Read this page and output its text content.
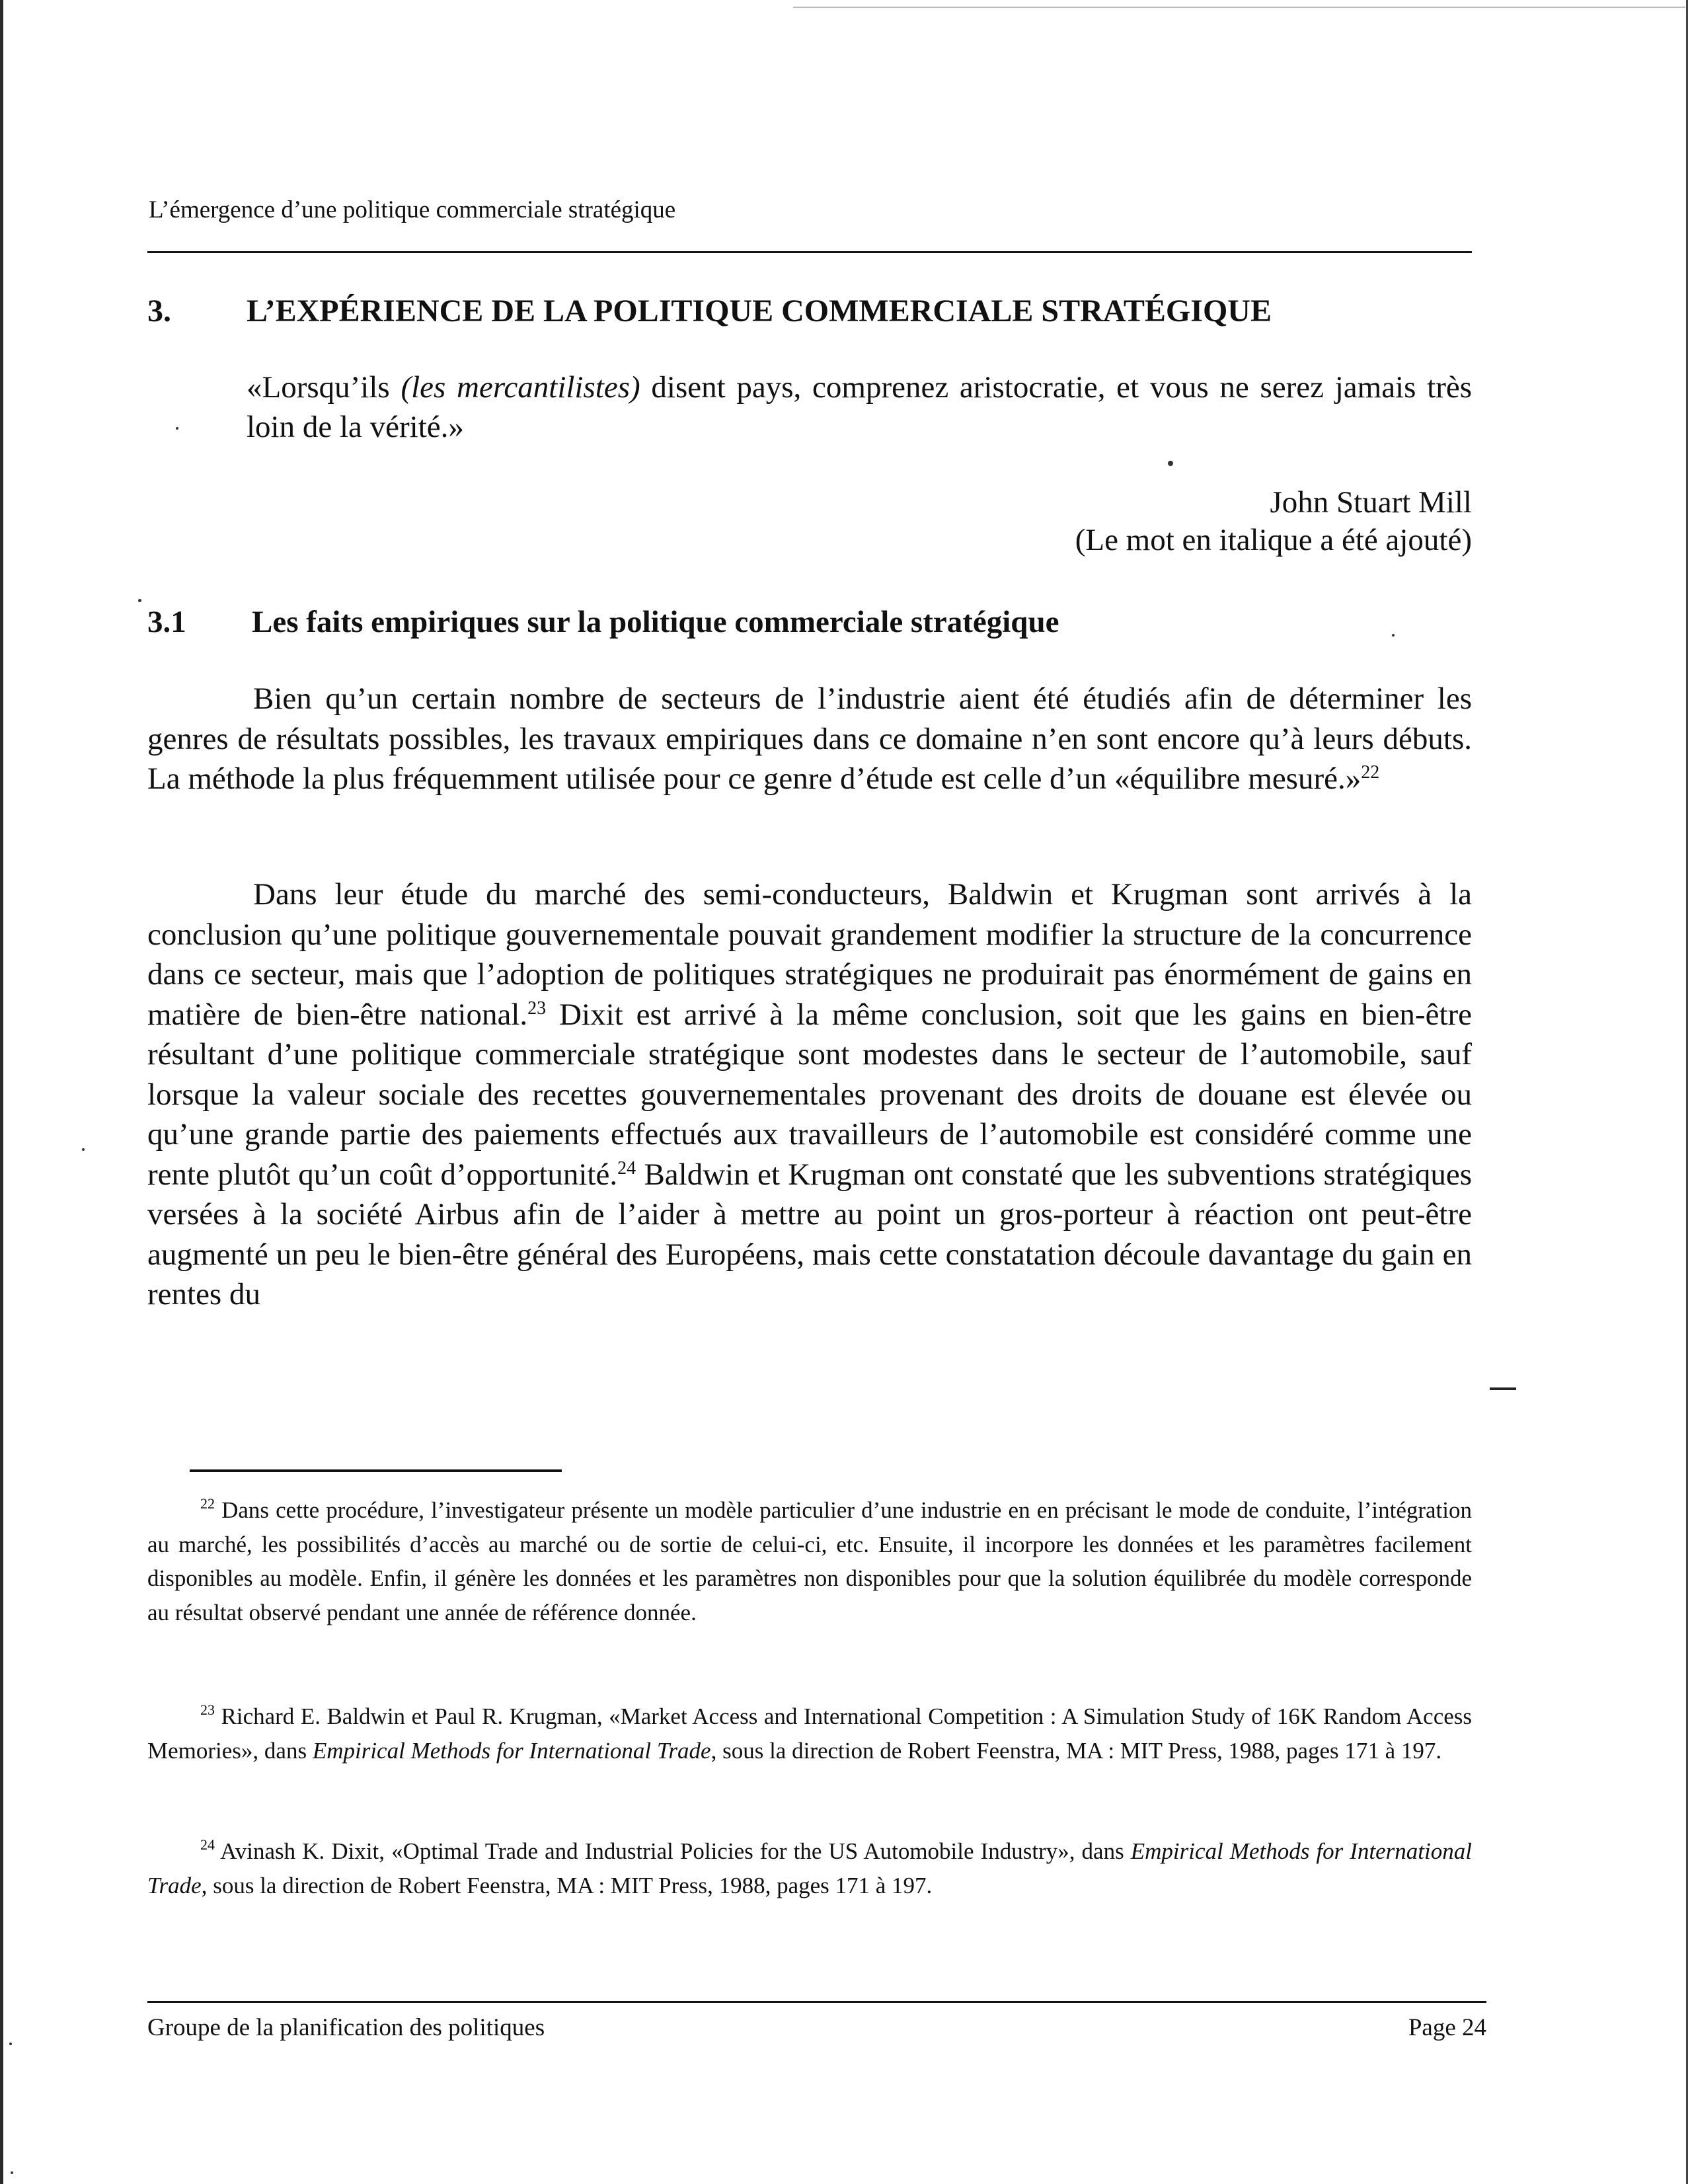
L’émergence d’une politique commerciale stratégique
3. L’EXPÉRIENCE DE LA POLITIQUE COMMERCIALE STRATÉGIQUE
«Lorsqu’ils (les mercantilistes) disent pays, comprenez aristocratie, et vous ne serez jamais très loin de la vérité.»
John Stuart Mill
(Le mot en italique a été ajouté)
3.1 Les faits empiriques sur la politique commerciale stratégique

Bien qu’un certain nombre de secteurs de l’industrie aient été étudiés afin de déterminer les genres de résultats possibles, les travaux empiriques dans ce domaine n’en sont encore qu’à leurs débuts. La méthode la plus fréquemment utilisée pour ce genre d’étude est celle d’un «équilibre mesuré.»$^{22}$

Dans leur étude du marché des semi-conducteurs, Baldwin et Krugman sont arrivés à la conclusion qu’une politique gouvernementale pouvait grandement modifier la structure de la concurrence dans ce secteur, mais que l’adoption de politiques stratégiques ne produirait pas énormément de gains en matière de bien-être national.$^{23}$ Dixit est arrivé à la même conclusion, soit que les gains en bien-être résultant d’une politique commerciale stratégique sont modestes dans le secteur de l’automobile, sauf lorsque la valeur sociale des recettes gouvernementales provenant des droits de douane est élevée ou qu’une grande partie des paiements effectués aux travailleurs de l’automobile est considéré comme une rente plutôt qu’un coût d’opportunité.$^{24}$ Baldwin et Krugman ont constaté que les subventions stratégiques versées à la société Airbus afin de l’aider à mettre au point un gros-porteur à réaction ont peut-être augmenté un peu le bien-être général des Européens, mais cette constatation découle davantage du gain en rentes du

$^{22}$ Dans cette procédure, l’investigateur présente un modèle particulier d’une industrie en en précisant le mode de conduite, l’intégration au marché, les possibilités d’accès au marché ou de sortie de celui-ci, etc. Ensuite, il incorpore les données et les paramètres facilement disponibles au modèle. Enfin, il génère les données et les paramètres non disponibles pour que la solution équilibrée du modèle corresponde au résultat observé pendant une année de référence donnée.

$^{23}$ Richard E. Baldwin et Paul R. Krugman, «Market Access and International Competition : A Simulation Study of 16K Random Access Memories», dans Empirical Methods for International Trade, sous la direction de Robert Feenstra, MA : MIT Press, 1988, pages 171 à 197.

$^{24}$ Avinash K. Dixit, «Optimal Trade and Industrial Policies for the US Automobile Industry», dans Empirical Methods for International Trade, sous la direction de Robert Feenstra, MA : MIT Press, 1988, pages 171 à 197.

Groupe de la planification des politiques	Page 24
